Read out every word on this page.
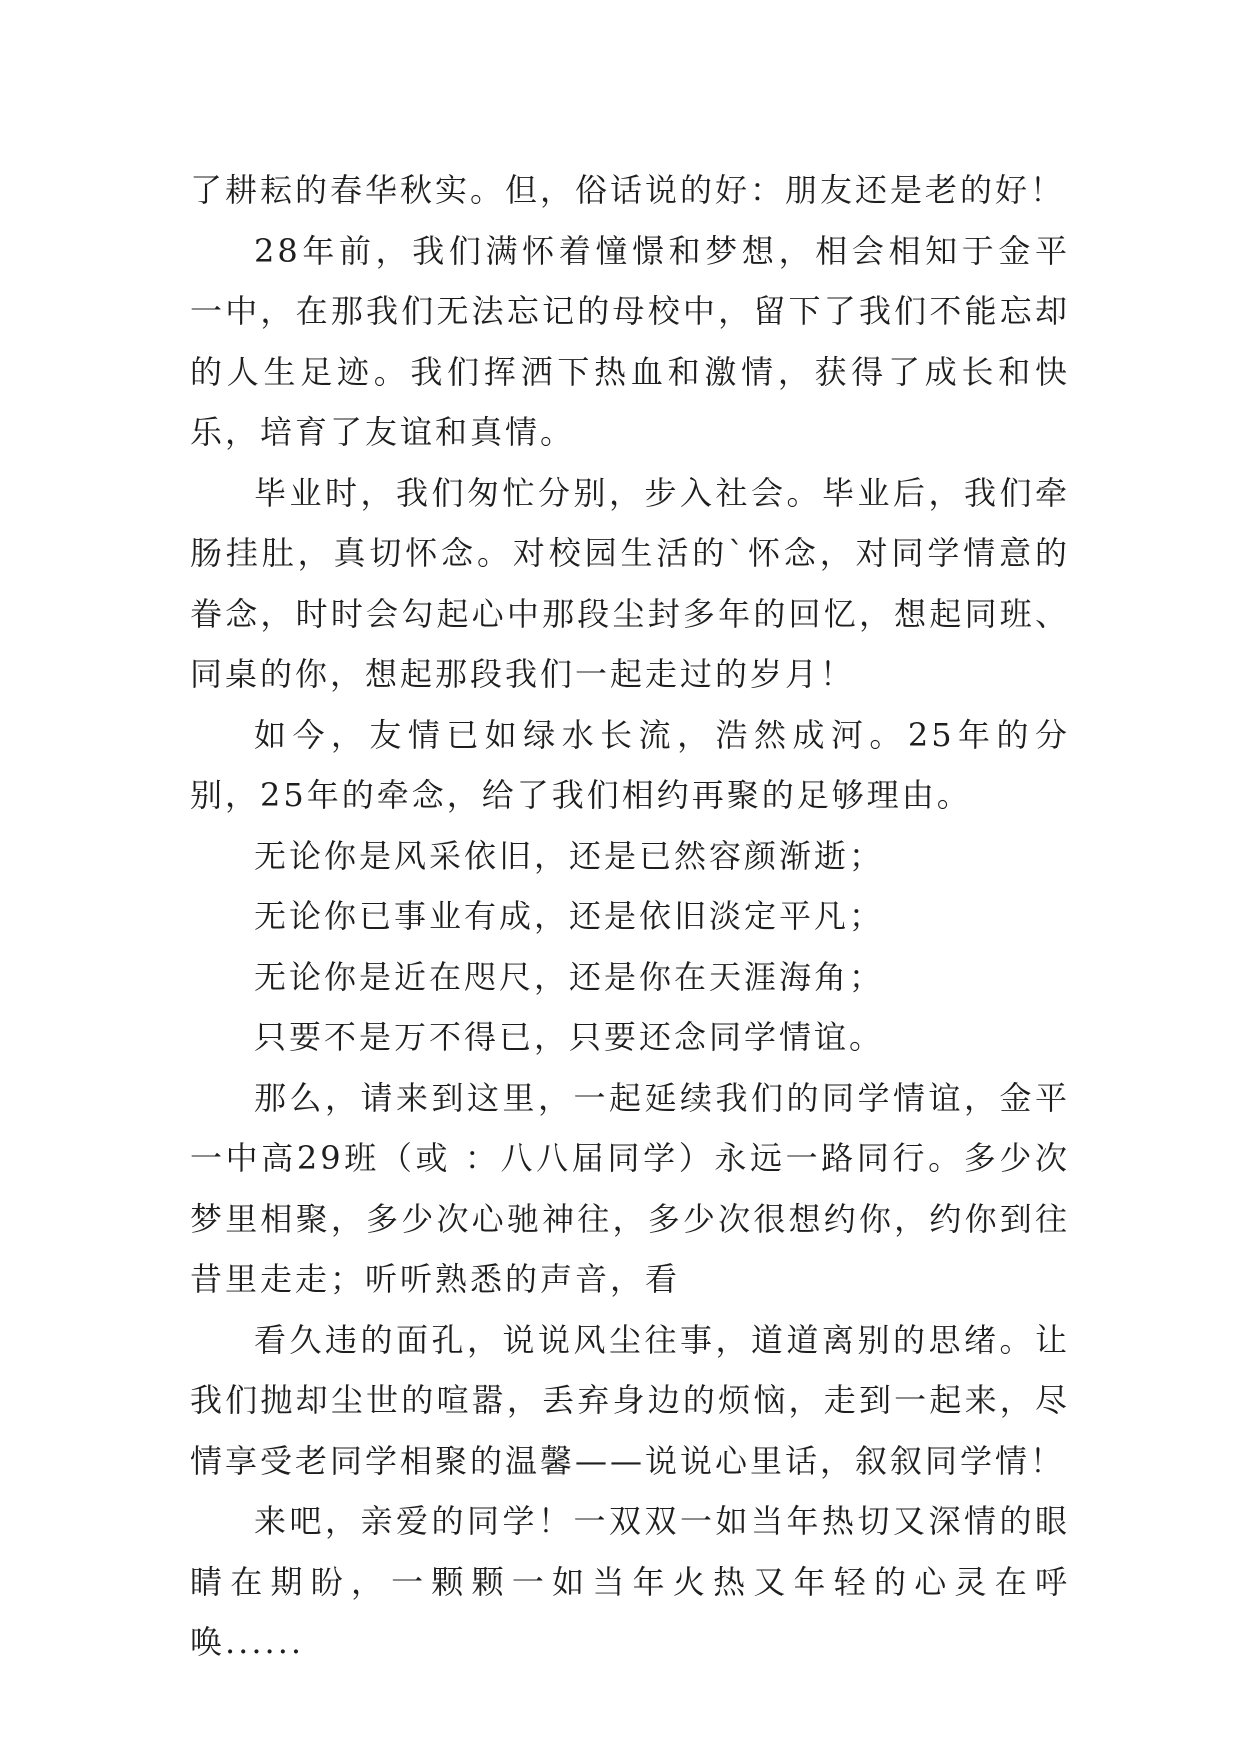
了耕耘的春华秋实。但，俗话说的好：朋友还是老的好！

28年前，我们满怀着憧憬和梦想，相会相知于金平一中，在那我们无法忘记的母校中，留下了我们不能忘却的人生足迹。我们挥洒下热血和激情，获得了成长和快乐，培育了友谊和真情。

毕业时，我们匆忙分别，步入社会。毕业后，我们牵肠挂肚，真切怀念。对校园生活的`怀念，对同学情意的眷念，时时会勾起心中那段尘封多年的回忆，想起同班、同桌的你，想起那段我们一起走过的岁月！

如今，友情已如绿水长流，浩然成河。25年的分别，25年的牵念，给了我们相约再聚的足够理由。

无论你是风采依旧，还是已然容颜渐逝；

无论你已事业有成，还是依旧淡定平凡；

无论你是近在咫尺，还是你在天涯海角；

只要不是万不得已，只要还念同学情谊。

那么，请来到这里，一起延续我们的同学情谊，金平一中高29班（或 ：八八届同学）永远一路同行。多少次梦里相聚，多少次心驰神往，多少次很想约你，约你到往昔里走走；听听熟悉的声音，看

看久违的面孔，说说风尘往事，道道离别的思绪。让我们抛却尘世的喧嚣，丢弃身边的烦恼，走到一起来，尽情享受老同学相聚的温馨——说说心里话，叙叙同学情！

来吧，亲爱的同学！一双双一如当年热切又深情的眼睛在期盼，一颗颗一如当年火热又年轻的心灵在呼唤......
